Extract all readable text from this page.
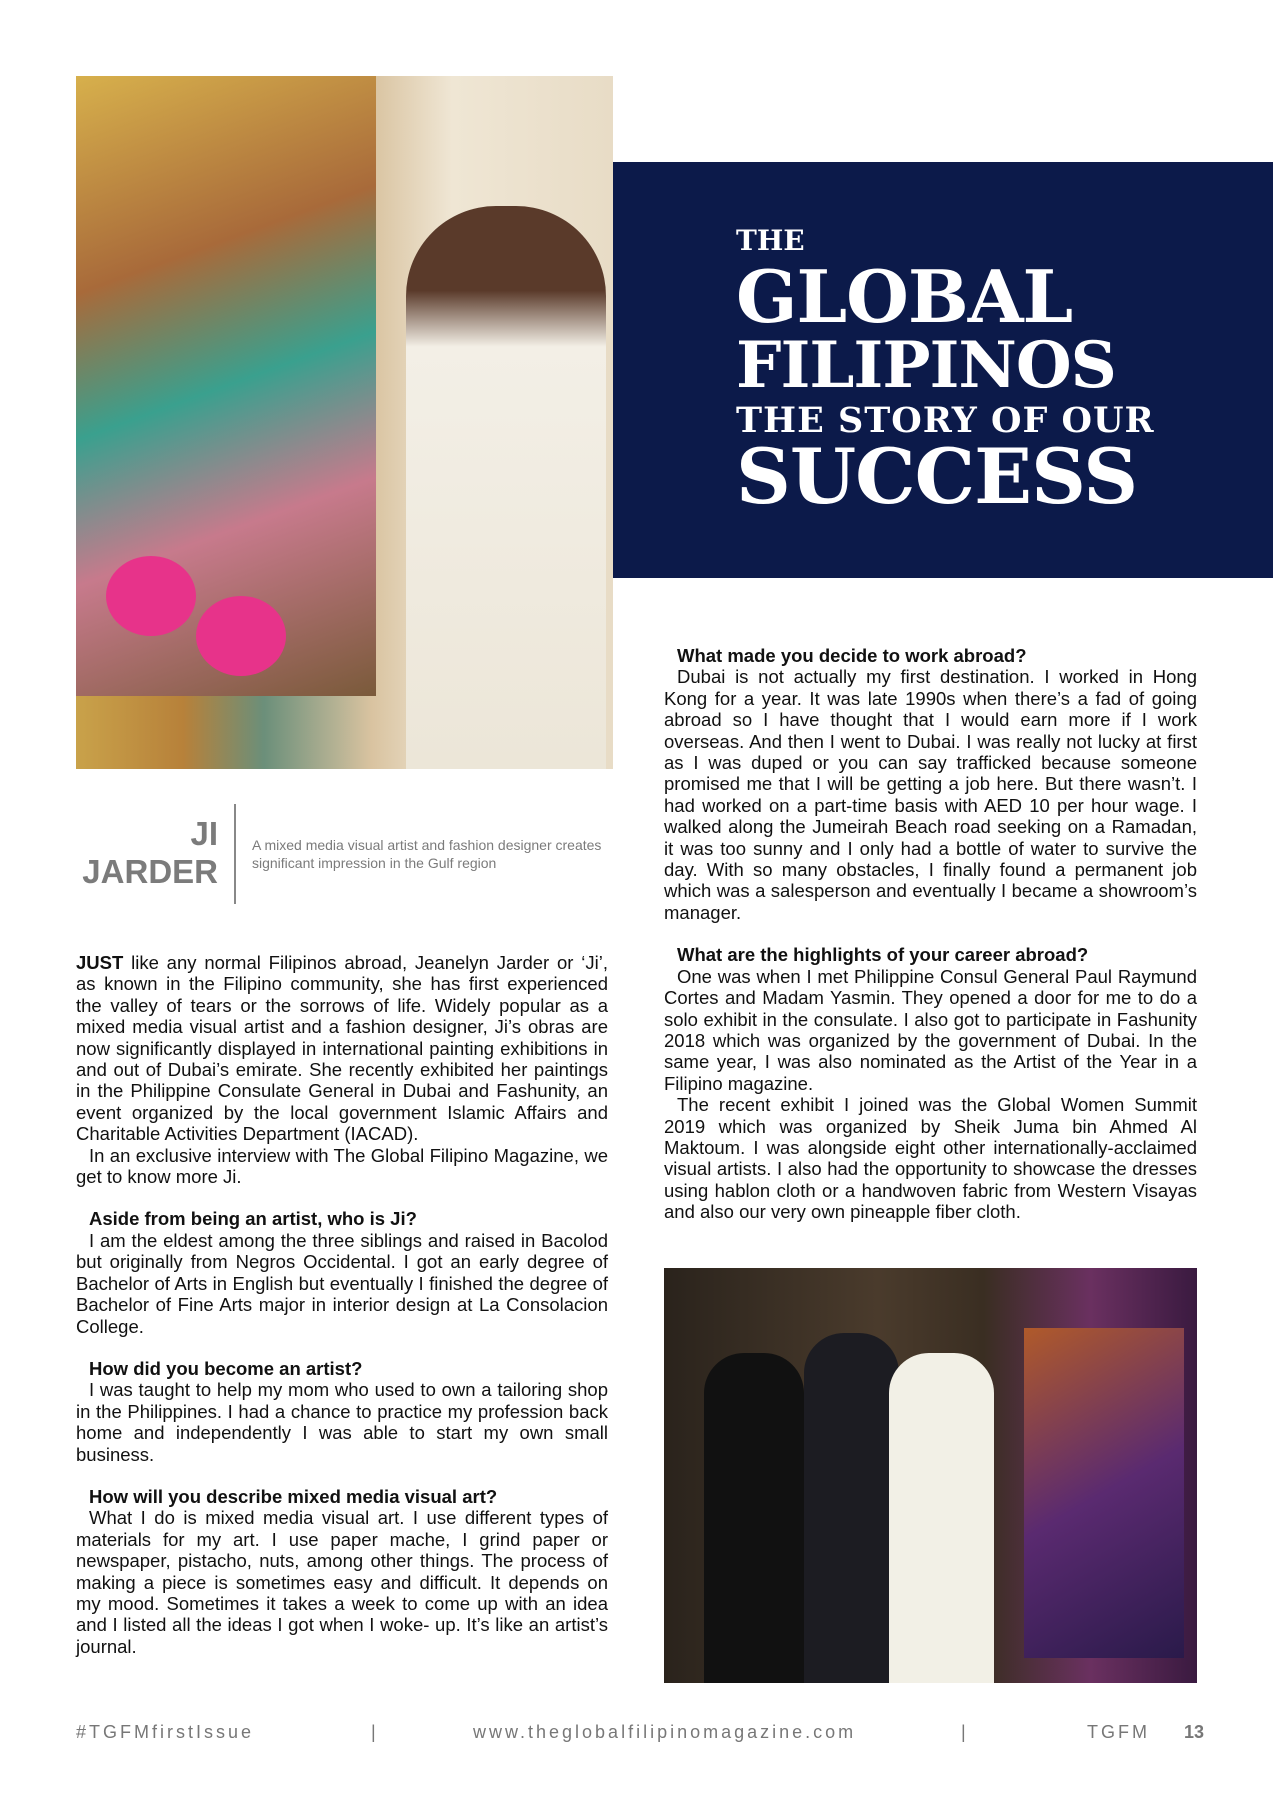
THE
GLOBAL
FILIPINOS
THE STORY OF OUR
SUCCESS
JI
JARDER
A mixed media visual artist and fashion designer creates significant impression in the Gulf region

JUST like any normal Filipinos abroad, Jeanelyn Jarder or ‘Ji’, as known in the Filipino community, she has first experienced the valley of tears or the sorrows of life. Widely popular as a mixed media visual artist and a fashion designer, Ji’s obras are now significantly displayed in international painting exhibitions in and out of Dubai’s emirate. She recently exhibited her paintings in the Philippine Consulate General in Dubai and Fashunity, an event organized by the local government Islamic Affairs and Charitable Activities Department (IACAD).

In an exclusive interview with The Global Filipino Magazine, we get to know more Ji.

Aside from being an artist, who is Ji?

I am the eldest among the three siblings and raised in Bacolod but originally from Negros Occidental. I got an early degree of Bachelor of Arts in English but eventually I finished the degree of Bachelor of Fine Arts major in interior design at La Consolacion College.

How did you become an artist?

I was taught to help my mom who used to own a tailoring shop in the Philippines. I had a chance to practice my profession back home and independently I was able to start my own small business.

How will you describe mixed media visual art?

What I do is mixed media visual art. I use different types of materials for my art. I use paper mache, I grind paper or newspaper, pistacho, nuts, among other things. The process of making a piece is sometimes easy and difficult. It depends on my mood. Sometimes it takes a week to come up with an idea and I listed all the ideas I got when I woke- up. It’s like an artist’s journal.

What made you decide to work abroad?

Dubai is not actually my first destination. I worked in Hong Kong for a year. It was late 1990s when there’s a fad of going abroad so I have thought that I would earn more if I work overseas. And then I went to Dubai. I was really not lucky at first as I was duped or you can say trafficked because someone promised me that I will be getting a job here. But there wasn’t. I had worked on a part-time basis with AED 10 per hour wage. I walked along the Jumeirah Beach road seeking on a Ramadan, it was too sunny and I only had a bottle of water to survive the day. With so many obstacles, I finally found a permanent job which was a salesperson and eventually I became a showroom’s manager.

What are the highlights of your career abroad?

One was when I met Philippine Consul General Paul Raymund Cortes and Madam Yasmin. They opened a door for me to do a solo exhibit in the consulate. I also got to participate in Fashunity 2018 which was organized by the government of Dubai. In the same year, I was also nominated as the Artist of the Year in a Filipino magazine.

The recent exhibit I joined was the Global Women Summit 2019 which was organized by Sheik Juma bin Ahmed Al Maktoum. I was alongside eight other internationally-acclaimed visual artists. I also had the opportunity to showcase the dresses using hablon cloth or a handwoven fabric from Western Visayas and also our very own pineapple fiber cloth.

#TGFMfirstIssue	|	www.theglobalfilipinomagazine.com	|	TGFM 13
